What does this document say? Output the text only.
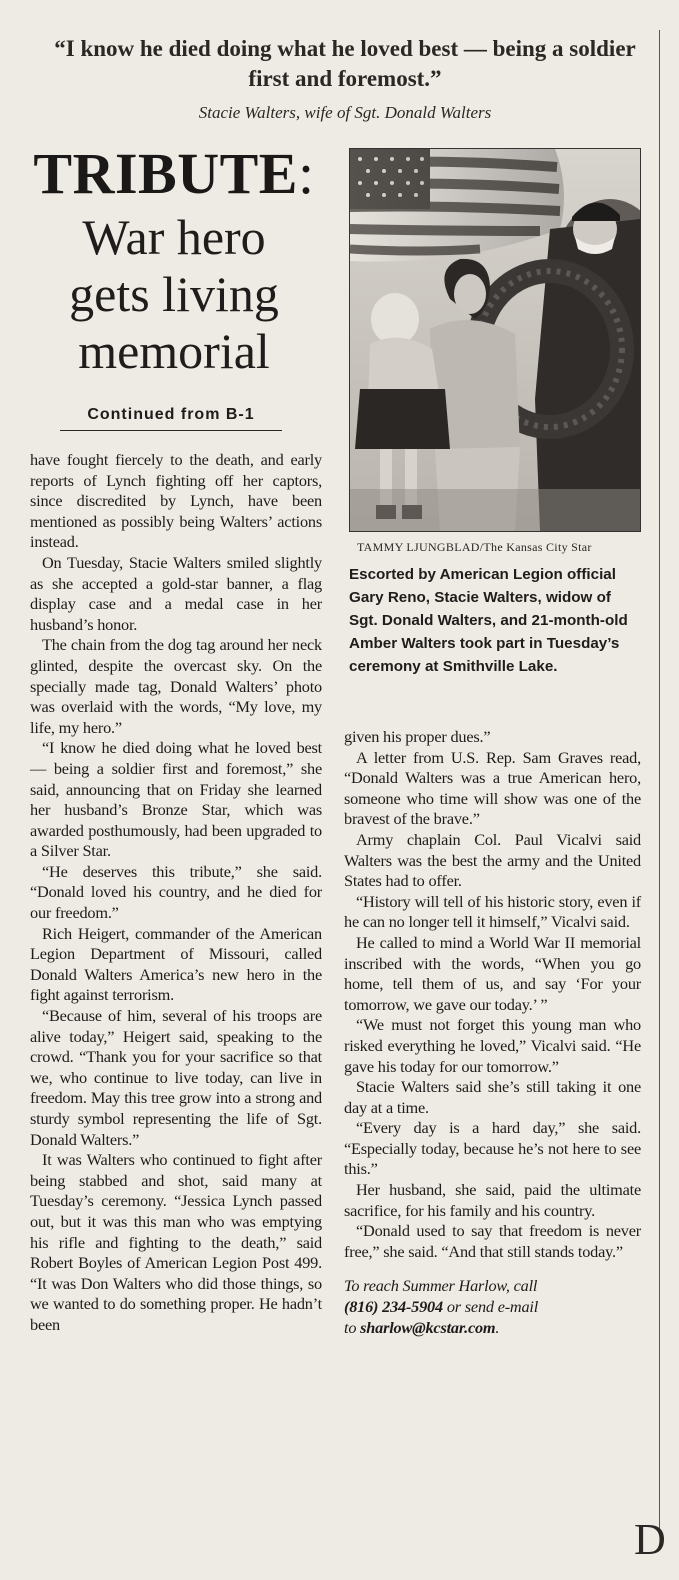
“I know he died doing what he loved best — being a soldier first and foremost.”
Stacie Walters, wife of Sgt. Donald Walters
TRIBUTE:
War hero
gets living
memorial
Continued from B-1
TAMMY LJUNGBLAD/The Kansas City Star
Escorted by American Legion official Gary Reno, Stacie Walters, widow of Sgt. Donald Walters, and 21-month-old Amber Walters took part in Tuesday’s ceremony at Smithville Lake.

have fought fiercely to the death, and early reports of Lynch fighting off her captors, since discredited by Lynch, have been mentioned as possibly being Walters’ actions instead.

On Tuesday, Stacie Walters smiled slightly as she accepted a gold-star banner, a flag display case and a medal case in her husband’s honor.

The chain from the dog tag around her neck glinted, despite the overcast sky. On the specially made tag, Donald Walters’ photo was overlaid with the words, “My love, my life, my hero.”

“I know he died doing what he loved best — being a soldier first and foremost,” she said, announcing that on Friday she learned her husband’s Bronze Star, which was awarded posthumously, had been upgraded to a Silver Star.

“He deserves this tribute,” she said. “Donald loved his country, and he died for our freedom.”

Rich Heigert, commander of the American Legion Department of Missouri, called Donald Walters America’s new hero in the fight against terrorism.

“Because of him, several of his troops are alive today,” Heigert said, speaking to the crowd. “Thank you for your sacrifice so that we, who continue to live today, can live in freedom. May this tree grow into a strong and sturdy symbol representing the life of Sgt. Donald Walters.”

It was Walters who continued to fight after being stabbed and shot, said many at Tuesday’s ceremony. “Jessica Lynch passed out, but it was this man who was emptying his rifle and fighting to the death,” said Robert Boyles of American Legion Post 499. “It was Don Walters who did those things, so we wanted to do something proper. He hadn’t been

given his proper dues.”

A letter from U.S. Rep. Sam Graves read, “Donald Walters was a true American hero, someone who time will show was one of the bravest of the brave.”

Army chaplain Col. Paul Vicalvi said Walters was the best the army and the United States had to offer.

“History will tell of his historic story, even if he can no longer tell it himself,” Vicalvi said.

He called to mind a World War II memorial inscribed with the words, “When you go home, tell them of us, and say ‘For your tomorrow, we gave our today.’ ”

“We must not forget this young man who risked everything he loved,” Vicalvi said. “He gave his today for our tomorrow.”

Stacie Walters said she’s still taking it one day at a time.

“Every day is a hard day,” she said. “Especially today, because he’s not here to see this.”

Her husband, she said, paid the ultimate sacrifice, for his family and his country.

“Donald used to say that freedom is never free,” she said. “And that still stands today.”

To reach Summer Harlow, call
(816) 234-5904 or send e-mail
to sharlow@kcstar.com.

D
